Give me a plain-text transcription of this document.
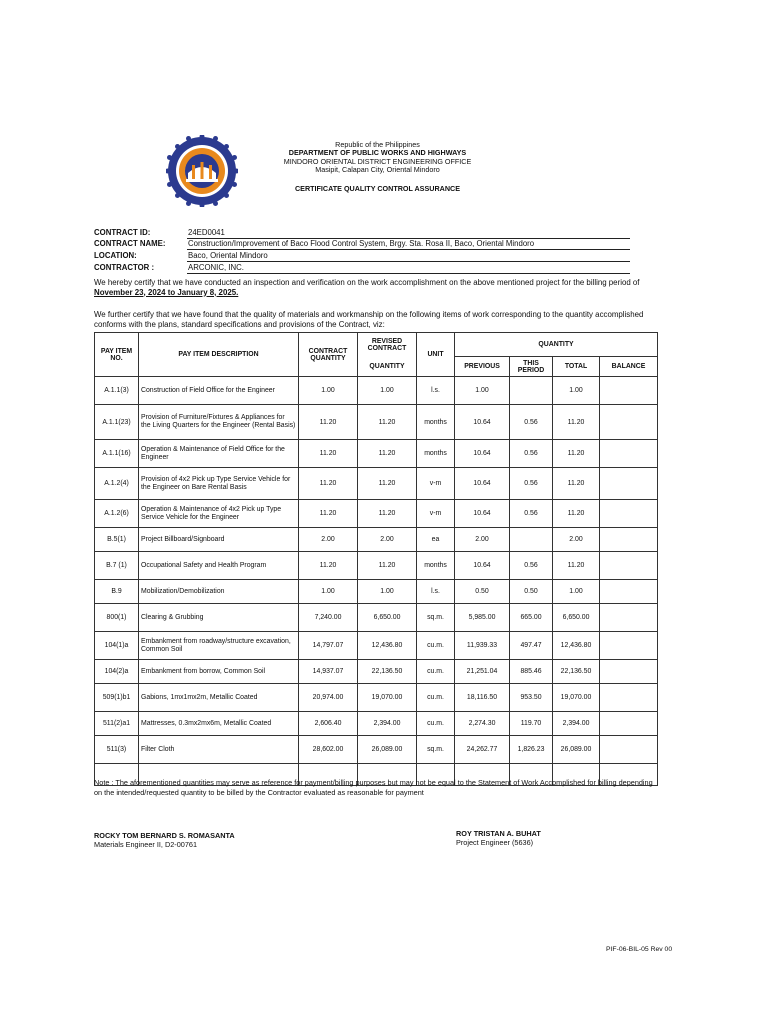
Republic of the Philippines
DEPARTMENT OF PUBLIC WORKS AND HIGHWAYS
MINDORO ORIENTAL DISTRICT ENGINEERING OFFICE
Masipit, Calapan City, Oriental Mindoro
CERTIFICATE QUALITY CONTROL ASSURANCE
CONTRACT ID:	24ED0041
CONTRACT NAME:	Construction/Improvement of Baco Flood Control System, Brgy. Sta. Rosa II, Baco, Oriental Mindoro
LOCATION:	Baco, Oriental Mindoro
CONTRACTOR :	ARCONIC, INC.
We hereby certify that we have conducted an inspection and verification on the work accomplishment on the above mentioned project for the billing period of November 23, 2024 to January 8, 2025.
We further certify that we have found that the quality of materials and workmanship on the following items of work corresponding to the quantity accomplished conforms with the plans, standard specifications and provisions of the Contract, viz:
PAY ITEM NO.	PAY ITEM DESCRIPTION	CONTRACT QUANTITY	REVISED CONTRACT	UNIT	QUANTITY			
			QUANTITY		PREVIOUS	THIS PERIOD	TOTAL	BALANCE
A.1.1(3)	Construction of Field Office for the Engineer	1.00	1.00	l.s.	1.00		1.00	
A.1.1(23)	Provision of Furniture/Fixtures & Appliances for the Living Quarters for the Engineer (Rental Basis)	11.20	11.20	months	10.64	0.56	11.20	
A.1.1(16)	Operation & Maintenance of Field Office for the Engineer	11.20	11.20	months	10.64	0.56	11.20	
A.1.2(4)	Provision of 4x2 Pick up Type Service Vehicle for the Engineer on Bare Rental Basis	11.20	11.20	v-m	10.64	0.56	11.20	
A.1.2(6)	Operation & Maintenance of 4x2 Pick up Type Service Vehicle for the Engineer	11.20	11.20	v-m	10.64	0.56	11.20	
B.5(1)	Project Billboard/Signboard	2.00	2.00	ea	2.00		2.00	
B.7 (1)	Occupational Safety and Health Program	11.20	11.20	months	10.64	0.56	11.20	
B.9	Mobilization/Demobilization	1.00	1.00	l.s.	0.50	0.50	1.00	
800(1)	Clearing & Grubbing	7,240.00	6,650.00	sq.m.	5,985.00	665.00	6,650.00	
104(1)a	Embankment from roadway/structure excavation, Common Soil	14,797.07	12,436.80	cu.m.	11,939.33	497.47	12,436.80	
104(2)a	Embankment from borrow, Common Soil	14,937.07	22,136.50	cu.m.	21,251.04	885.46	22,136.50	
509(1)b1	Gabions, 1mx1mx2m, Metallic Coated	20,974.00	19,070.00	cu.m.	18,116.50	953.50	19,070.00	
511(2)a1	Mattresses, 0.3mx2mx6m, Metallic Coated	2,606.40	2,394.00	cu.m.	2,274.30	119.70	2,394.00	
511(3)	Filter Cloth	28,602.00	26,089.00	sq.m.	24,262.77	1,826.23	26,089.00	

Note : The aforementioned quantities may serve as reference for payment/billing purposes but may not be equal to the Statement of Work Accomplished for billing depending on the intended/requested quantity to be billed by the Contractor evaluated as reasonable for payment
ROCKY TOM BERNARD S. ROMASANTA
Materials Engineer II, D2-00761
ROY TRISTAN A. BUHAT
Project Engineer (5636)
PIF-06-BIL-05 Rev 00
